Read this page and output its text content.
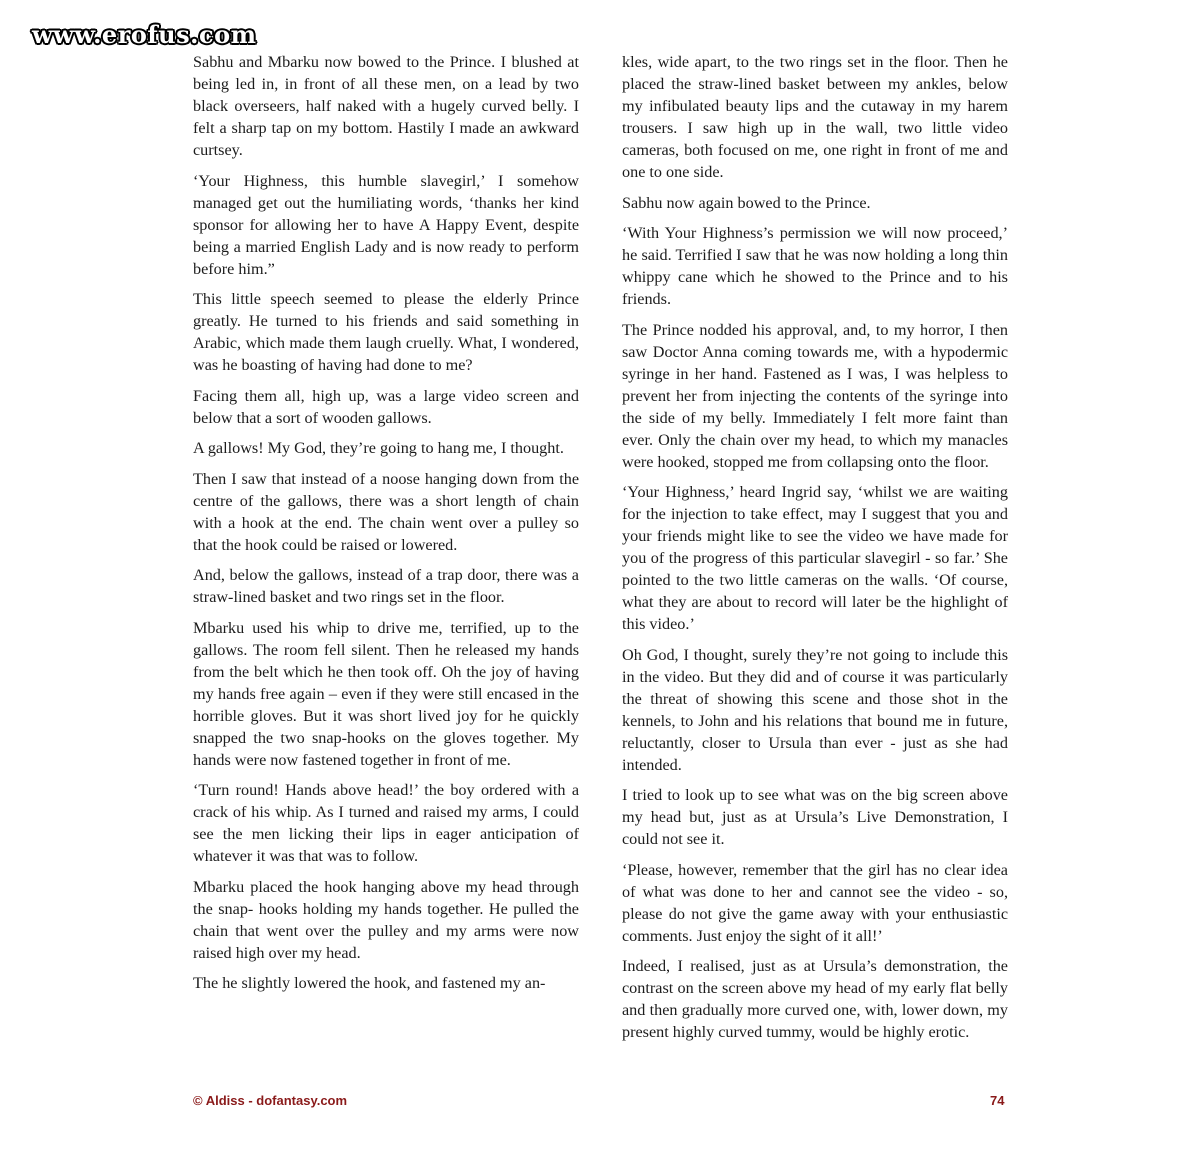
www.erofus.com

Sabhu and Mbarku now bowed to the Prince. I blushed at being led in, in front of all these men, on a lead by two black overseers, half naked with a hugely curved belly. I felt a sharp tap on my bottom. Hastily I made an awkward curtsey.

‘Your Highness, this humble slavegirl,’ I somehow managed get out the humiliating words, ‘thanks her kind sponsor for allowing her to have A Happy Event, despite being a married English Lady and is now ready to perform before him.”

This little speech seemed to please the elderly Prince greatly. He turned to his friends and said something in Arabic, which made them laugh cruelly. What, I wondered, was he boasting of having had done to me?

Facing them all, high up, was a large video screen and below that a sort of wooden gallows.

A gallows! My God, they’re going to hang me, I thought.

Then I saw that instead of a noose hanging down from the centre of the gallows, there was a short length of chain with a hook at the end. The chain went over a pulley so that the hook could be raised or lowered.

And, below the gallows, instead of a trap door, there was a straw-lined basket and two rings set in the floor.

Mbarku used his whip to drive me, terrified, up to the gallows. The room fell silent. Then he released my hands from the belt which he then took off. Oh the joy of having my hands free again – even if they were still encased in the horrible gloves. But it was short lived joy for he quickly snapped the two snap-hooks on the gloves together. My hands were now fastened together in front of me.

‘Turn round! Hands above head!’ the boy ordered with a crack of his whip. As I turned and raised my arms, I could see the men licking their lips in eager anticipation of whatever it was that was to follow.

Mbarku placed the hook hanging above my head through the snap- hooks holding my hands together. He pulled the chain that went over the pulley and my arms were now raised high over my head.

The he slightly lowered the hook, and fastened my an-

kles, wide apart, to the two rings set in the floor. Then he placed the straw-lined basket between my ankles, below my infibulated beauty lips and the cutaway in my harem trousers. I saw high up in the wall, two little video cameras, both focused on me, one right in front of me and one to one side.

Sabhu now again bowed to the Prince.

‘With Your Highness’s permission we will now proceed,’ he said. Terrified I saw that he was now holding a long thin whippy cane which he showed to the Prince and to his friends.

The Prince nodded his approval, and, to my horror, I then saw Doctor Anna coming towards me, with a hypodermic syringe in her hand. Fastened as I was, I was helpless to prevent her from injecting the contents of the syringe into the side of my belly. Immediately I felt more faint than ever. Only the chain over my head, to which my manacles were hooked, stopped me from collapsing onto the floor.

‘Your Highness,’ heard Ingrid say, ‘whilst we are waiting for the injection to take effect, may I suggest that you and your friends might like to see the video we have made for you of the progress of this particular slavegirl - so far.’ She pointed to the two little cameras on the walls. ‘Of course, what they are about to record will later be the highlight of this video.’

Oh God, I thought, surely they’re not going to include this in the video. But they did and of course it was particularly the threat of showing this scene and those shot in the kennels, to John and his relations that bound me in future, reluctantly, closer to Ursula than ever - just as she had intended.

I tried to look up to see what was on the big screen above my head but, just as at Ursula’s Live Demonstration, I could not see it.

‘Please, however, remember that the girl has no clear idea of what was done to her and cannot see the video - so, please do not give the game away with your enthusiastic comments. Just enjoy the sight of it all!’

Indeed, I realised, just as at Ursula’s demonstration, the contrast on the screen above my head of my early flat belly and then gradually more curved one, with, lower down, my present highly curved tummy, would be highly erotic.

© Aldiss - dofantasy.com	74
